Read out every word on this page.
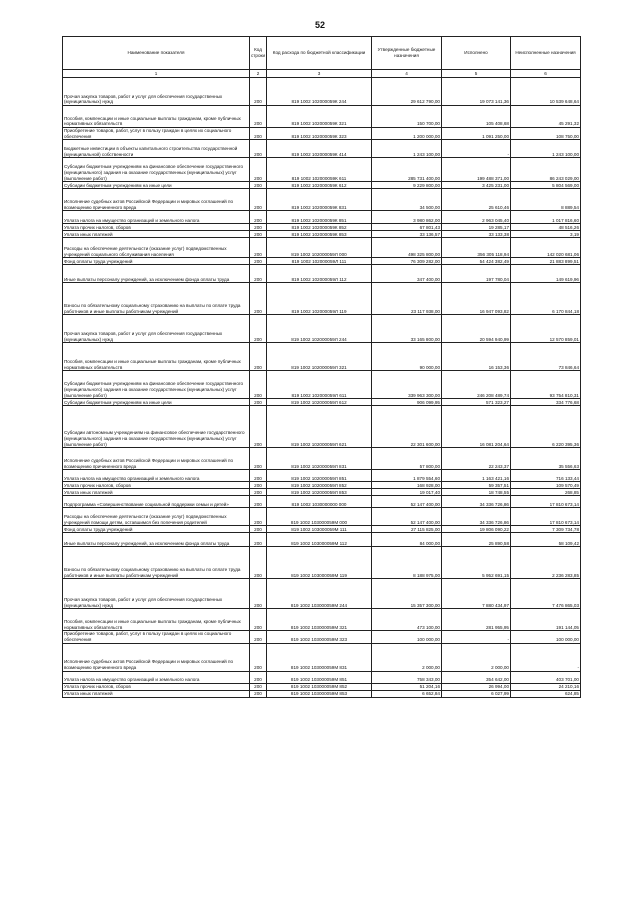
52
Наименование показателя	Код строки	Код расхода по бюджетной классификации	Утвержденные бюджетные назначения	Исполнено	Неисполненные назначения
1	2	3	4	5	6
Прочая закупка товаров, работ и услуг для обеспечения государственных (муниципальных) нужд	200	819 1002 102000059К 244	29 612 790,00	19 073 141,36	10 539 648,64
Пособия, компенсации и иные социальные выплаты гражданам, кроме публичных нормативных обязательств	200	819 1002 102000059К 321	150 700,00	105 408,68	45 291,32
Приобретение товаров, работ, услуг в пользу граждан в целях их социального обеспечения	200	819 1002 102000059К 323	1 200 000,00	1 091 250,00	108 750,00
Бюджетные инвестиции в объекты капитального строительства государственной (муниципальной) собственности	200	819 1002 102000059К 414	1 243 100,00	-	1 243 100,00
Субсидии бюджетным учреждениям на финансовое обеспечение государственного (муниципального) задания на оказание государственных (муниципальных) услуг (выполнение работ)	200	819 1002 102000059К 611	285 731 400,00	199 488 371,00	86 243 029,00
Субсидии бюджетным учреждениям на иные цели	200	819 1002 102000059К 612	9 229 800,00	3 425 231,00	5 804 569,00
Исполнение судебных актов Российской Федерации и мировых соглашений по возмещению причиненного вреда	200	819 1002 102000059К 831	34 500,00	25 610,46	8 889,54
Уплата налога на имущество организаций и земельного налога	200	819 1002 102000059К 851	3 980 862,00	2 963 045,40	1 017 816,60
Уплата прочих налогов, сборов	200	819 1002 102000059К 852	67 801,43	19 285,17	48 516,26
Уплата иных платежей	200	819 1002 102000059К 853	33 136,57	33 133,38	3,19
Расходы на обеспечение деятельности (оказание услуг) подведомственных учреждений социального обслуживания населения	200	819 1002 102000059Л 000	498 325 800,00	356 305 118,94	142 020 681,06
Фонд оплаты труда учреждений	200	819 1002 102000059Л 111	76 309 282,00	54 424 382,49	21 883 899,51
Иные выплаты персоналу учреждений, за исключением фонда оплаты труда	200	819 1002 102000059Л 112	347 400,00	197 780,04	149 619,96
Взносы по обязательному социальному страхованию на выплаты по оплате труда работников и иные выплаты работникам учреждений	200	819 1002 102000059Л 119	23 117 938,00	16 947 093,82	6 170 844,18
Прочая закупка товаров, работ и услуг для обеспечения государственных (муниципальных) нужд	200	819 1002 102000059Л 244	33 165 800,00	20 594 940,99	12 570 859,01
Пособия, компенсации и иные социальные выплаты гражданам, кроме публичных нормативных обязательств	200	819 1002 102000059Л 321	90 000,00	16 153,36	73 846,64
Субсидии бюджетным учреждениям на финансовое обеспечение государственного (муниципального) задания на оказание государственных (муниципальных) услуг (выполнение работ)	200	819 1002 102000059Л 611	339 963 300,00	246 208 489,74	93 754 810,31
Субсидии бюджетным учреждениям на иные цели	200	819 1002 102000059Л 612	906 099,95	571 323,27	334 776,68
Субсидии автономным учреждениям на финансовое обеспечение государственного (муниципального) задания на оказание государственных (муниципальных) услуг (выполнение работ)	200	819 1002 102000059Л 621	22 301 600,00	16 081 204,64	6 220 395,36
Исполнение судебных актов Российской Федерации и мировых соглашений по возмещению причиненного вреда	200	819 1002 102000059Л 831	57 800,00	22 243,37	35 556,63
Уплата налога на имущество организаций и земельного налога	200	819 1002 102000059Л 851	1 879 554,60	1 163 421,16	716 133,44
Уплата прочих налогов, сборов	200	819 1002 102000059Л 852	168 928,00	59 357,51	109 570,49
Уплата иных платежей	200	819 1002 102000059Л 853	19 017,40	18 748,55	268,85
Подпрограмма «Совершенствование социальной поддержки семьи и детей»	200	819 1002 1030000000 000	52 147 400,00	34 336 726,86	17 810 673,14
Расходы на обеспечение деятельности (оказание услуг) подведомственных учреждений помощи детям, оставшимся без попечения родителей	200	819 1002 103000059М 000	52 147 400,00	34 336 726,86	17 810 673,14
Фонд оплаты труда учреждений	200	819 1002 103000059М 111	27 115 825,00	19 806 090,22	7 309 734,78
Иные выплаты персоналу учреждений, за исключением фонда оплаты труда	200	819 1002 103000059М 112	84 000,00	25 890,58	58 109,42
Взносы по обязательному социальному страхованию на выплаты по оплате труда работников и иные выплаты работникам учреждений	200	819 1002 103000059М 119	8 188 975,00	5 952 691,15	2 236 283,85
Прочая закупка товаров, работ и услуг для обеспечения государственных (муниципальных) нужд	200	819 1002 103000059М 244	15 357 300,00	7 880 434,97	7 476 865,03
Пособия, компенсации и иные социальные выплаты гражданам, кроме публичных нормативных обязательств	200	819 1002 103000059М 321	473 100,00	281 955,95	191 144,05
Приобретение товаров, работ, услуг в пользу граждан в целях их социального обеспечения	200	819 1002 103000059М 323	100 000,00	-	100 000,00
Исполнение судебных актов Российской Федерации и мировых соглашений по возмещению причиненного вреда	200	819 1002 103000059М 831	2 000,00	2 000,00	-
Уплата налога на имущество организаций и земельного налога	200	819 1002 103000059М 851	758 343,00	354 642,00	403 701,00
Уплата прочих налогов, сборов	200	819 1002 103000059М 852	51 204,16	26 994,00	24 210,16
Уплата иных платежей	200	819 1002 103000059М 853	6 652,84	6 027,99	624,85
